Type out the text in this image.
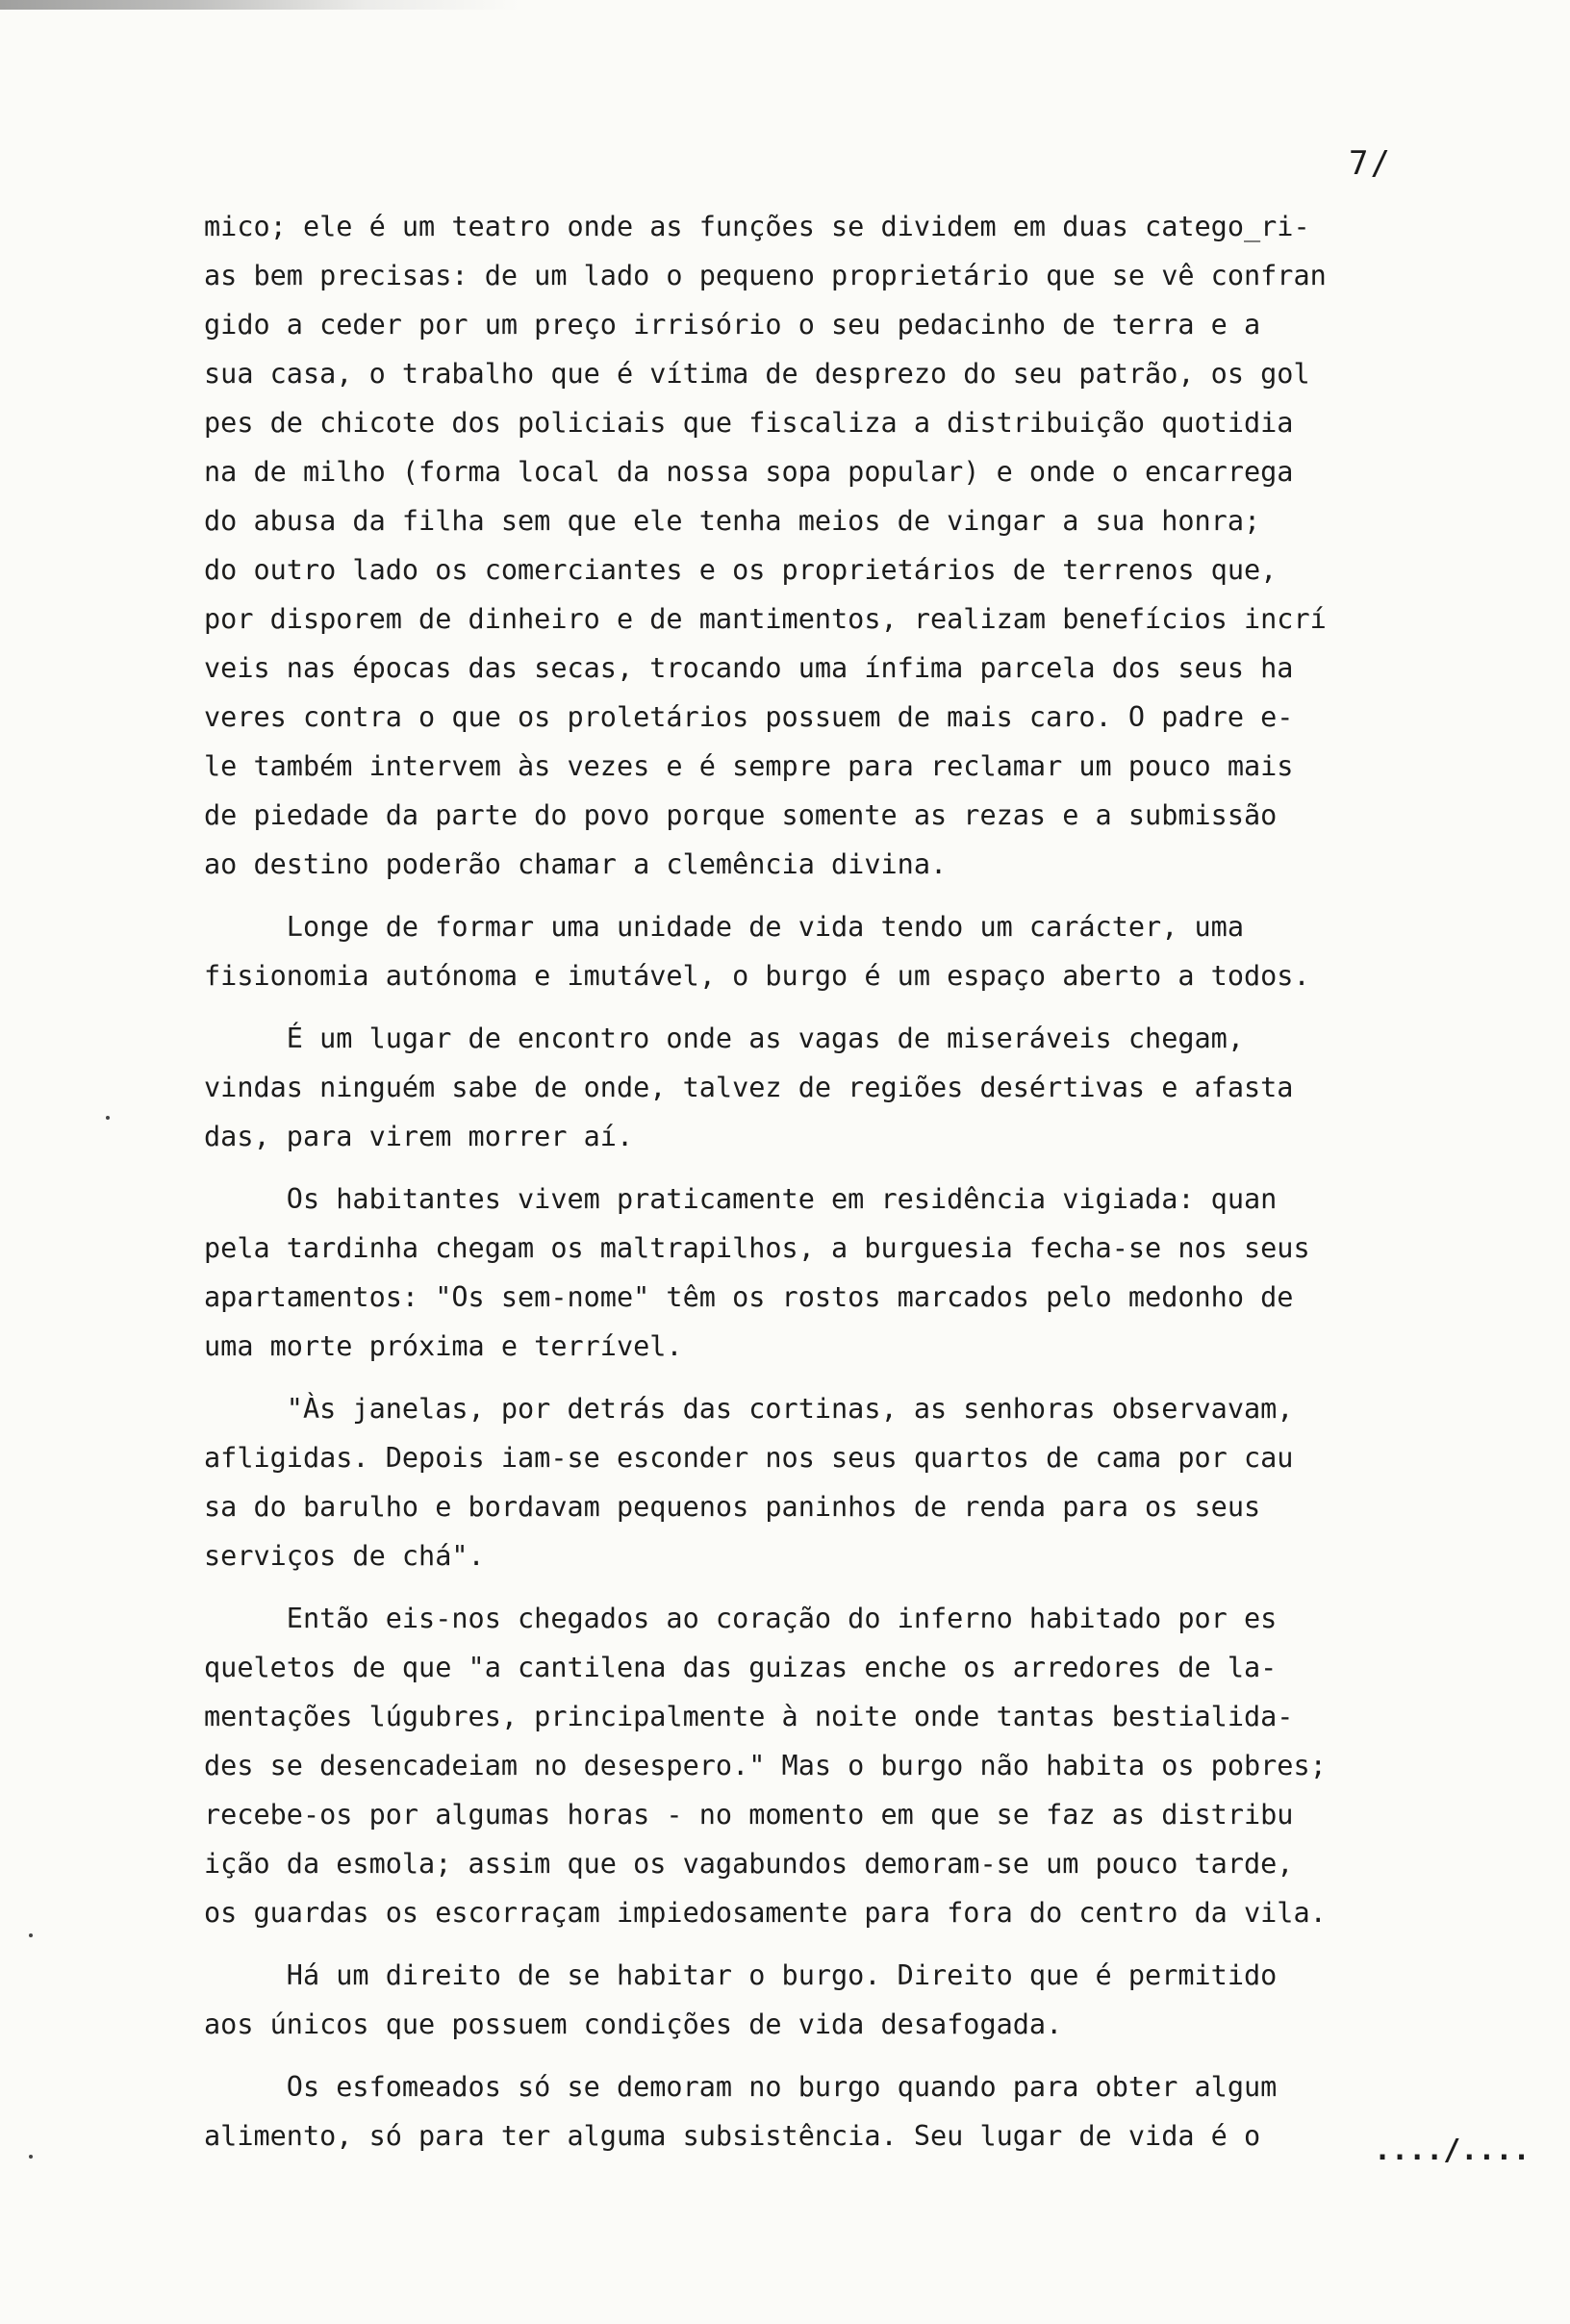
7/
mico; ele é um teatro onde as funções se dividem em duas catego̲ri-
as bem precisas: de um lado o pequeno proprietário que se vê confran
gido a ceder por um preço irrisório o seu pedacinho de terra e a
sua casa, o trabalho que é vítima de desprezo do seu patrão, os gol
pes de chicote dos policiais que fiscaliza a distribuição quotidia
na de milho (forma local da nossa sopa popular) e onde o encarrega
do abusa da filha sem que ele tenha meios de vingar a sua honra;
do outro lado os comerciantes e os proprietários de terrenos que,
por disporem de dinheiro e de mantimentos, realizam benefícios incrí
veis nas épocas das secas, trocando uma ínfima parcela dos seus ha
veres contra o que os proletários possuem de mais caro. O padre e-
le também intervem às vezes e é sempre para reclamar um pouco mais
de piedade da parte do povo porque somente as rezas e a submissão
ao destino poderão chamar a clemência divina.
Longe de formar uma unidade de vida tendo um carácter, uma
fisionomia autónoma e imutável, o burgo é um espaço aberto a todos.
É um lugar de encontro onde as vagas de miseráveis chegam,
vindas ninguém sabe de onde, talvez de regiões desértivas e afasta
das, para virem morrer aí.
Os habitantes vivem praticamente em residência vigiada: quan
pela tardinha chegam os maltrapilhos, a burguesia fecha-se nos seus
apartamentos: "Os sem-nome" têm os rostos marcados pelo medonho de
uma morte próxima e terrível.
"Às janelas, por detrás das cortinas, as senhoras observavam,
afligidas. Depois iam-se esconder nos seus quartos de cama por cau
sa do barulho e bordavam pequenos paninhos de renda para os seus
serviços de chá".
Então eis-nos chegados ao coração do inferno habitado por es
queletos de que "a cantilena das guizas enche os arredores de la-
mentações lúgubres, principalmente à noite onde tantas bestialida-
des se desencadeiam no desespero." Mas o burgo não habita os pobres;
recebe-os por algumas horas - no momento em que se faz as distribu
ição da esmola; assim que os vagabundos demoram-se um pouco tarde,
os guardas os escorraçam impiedosamente para fora do centro da vila.
Há um direito de se habitar o burgo. Direito que é permitido
aos únicos que possuem condições de vida desafogada.
Os esfomeados só se demoram no burgo quando para obter algum
alimento, só para ter alguma subsistência. Seu lugar de vida é o	..../....
